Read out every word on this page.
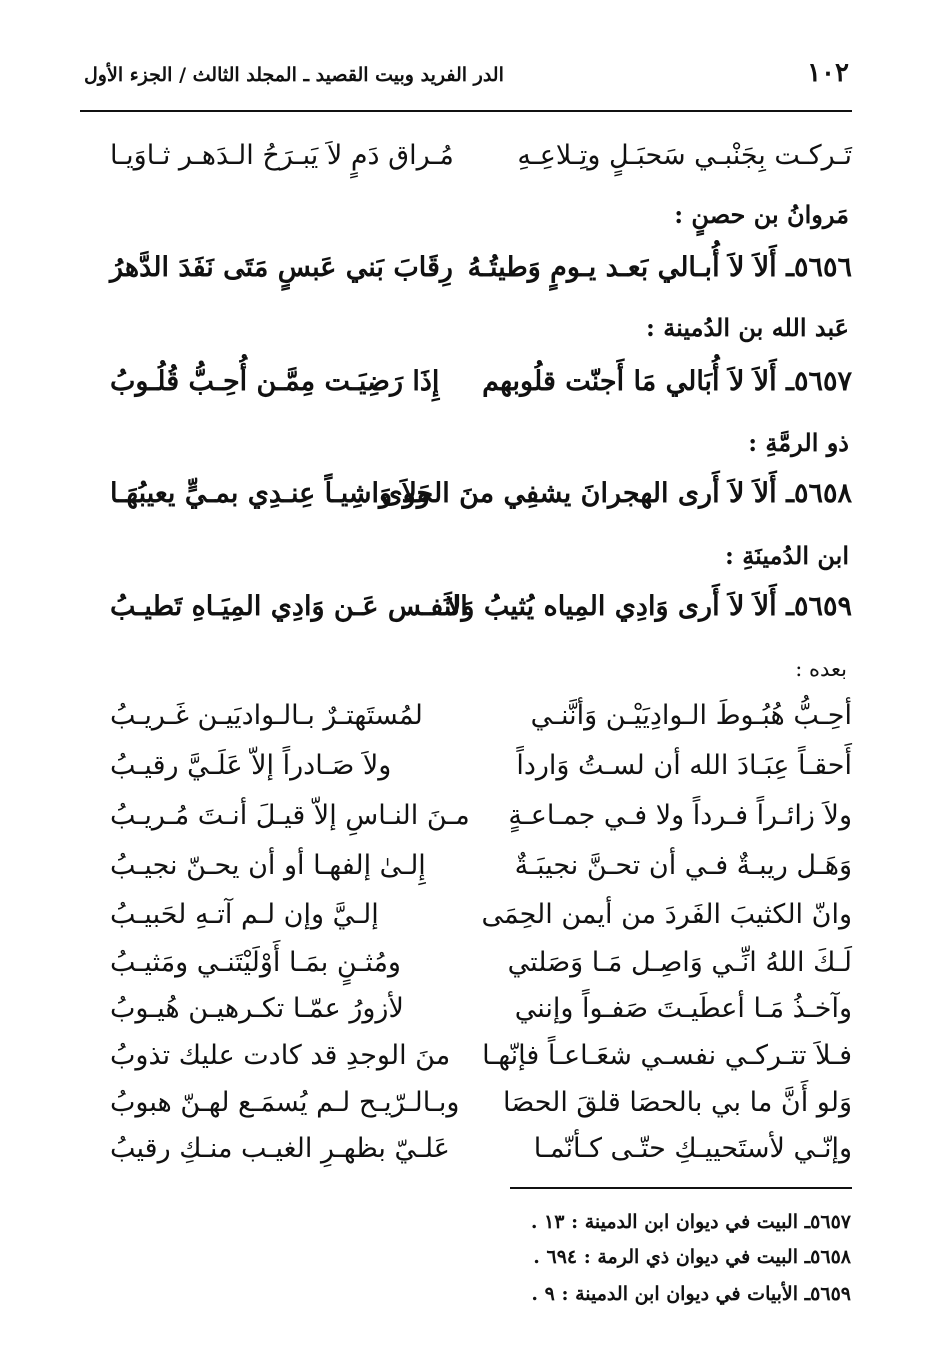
١٠٢
الدر الفريد وبيت القصيد ـ المجلد الثالث / الجزء الأول
تَـركـت بِجَنْبـي سَحبَـلٍ وتِـلاعِـهِ
مُـراق دَمٍ لاَ يَبـرَحُ الـدَهـر ثـاوَيـا
مَروانُ بن حصنٍ :
٥٦٥٦ـ أَلاَ لاَ أُبـالي بَعـد يـومٍ وَطيتُـهُ
رِقَابَ بَني عَبسٍ مَتَى نَفَدَ الدَّهرُ
عَبد الله بن الدُمينة :
٥٦٥٧ـ أَلاَ لاَ أُبَالي مَا أَجنّت قلُوبهم
إِذَا رَضِيَـت مِمَّـن أُحِـبُّ قُلُـوبُ
ذو الرمَّةِ :
٥٦٥٨ـ أَلاَ لاَ أَرى الهجرانَ يشفِي منَ الجَوى
ولاَ وَاشِيـاً عِنـدِي بمـيٍّ يعيبُهَـا
ابن الدُمينَةِ :
٥٦٥٩ـ أَلاَ لاَ أَرى وَادِي المِياه يُثيبُ وَلاَ
النَفـس عَـن وَادِي المِيَـاهِ تَطيـبُ
بعده :
أحِـبُّ هُبُـوطَ الـوادِيَيْـن وَأنَّنـي
لمُستَهتـرٌ بـالـواديَيـن غَـريـبُ
أَحقـاً عِبَـادَ الله أن لسـتُ وَارداً
ولاَ صَـادراً إلاّ عَلَـيَّ رقيـبُ
ولاَ زائـراً فـرداً ولا فـي جمـاعـةٍ
مـنَ النـاسِ إلاّ قيـلَ أنـتَ مُـريـبُ
وَهَـل ريبـةٌ فـي أن تحـنَّ نجيبَـةٌ
إِلـىٰ إلفهـا أو أن يحـنّ نجيـبُ
وانّ الكثيبَ الفَردَ من أيمن الحِمَى
إلـيَّ وإن لـم آتـهِ لحَبيـبُ
لَـكَ اللهُ انِّـي وَاصِـل مَـا وَصَلتي
ومُثـنٍ بمَـا أَوْلَيْتَنـي ومَثيـبُ
وآخـذُ مَـا أعطَيـتَ صَفـواً وإنني
لأزورُ عمّـا تكـرهيـن هُيـوبُ
فـلاَ تتـركـي نفسـي شعَـاعـاً فإنّهـا
منَ الوجدِ قد كادت عليك تذوبُ
وَلو أَنَّ ما بي بالحصَا قلقَ الحصَا
وبـالـرّيـح لـم يُسمَـع لهـنّ هبوبُ
وإنّـي لأستَحييـكِ حتّـى كـأنّمـا
عَلـيّ بظهـرِ الغيـب منـكِ رقيبُ
٥٦٥٧ـ البيت في ديوان ابن الدمينة : ١٣ .
٥٦٥٨ـ البيت في ديوان ذي الرمة : ٦٩٤ .
٥٦٥٩ـ الأبيات في ديوان ابن الدمينة : ٩ .
